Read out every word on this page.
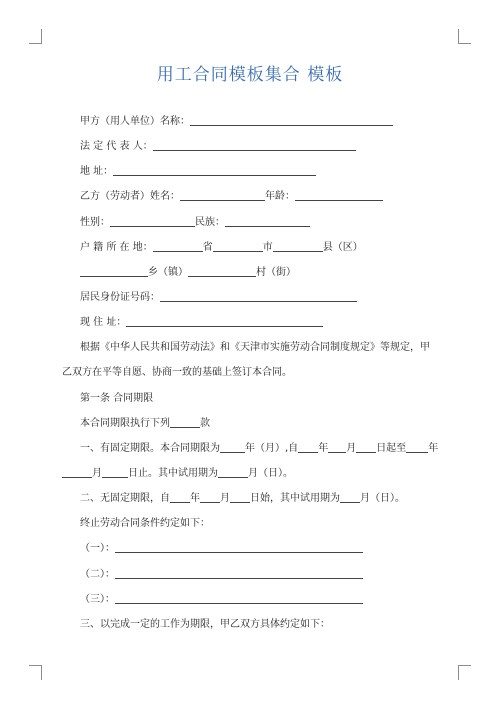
用工合同模板集合 模板
甲方（用人单位）名称：
法 定 代 表 人：
地 址：
乙方（劳动者）姓名：	年龄：
性别：	民族：
户 籍 所 在 地：	省	市	县（区）
乡（镇）	村（街）
居民身份证号码：
现 住 址：
根据《中华人民共和国劳动法》和《天津市实施劳动合同制度规定》等规定，甲
乙双方在平等自愿、协商一致的基础上签订本合同。
第一条 合同期限
本合同期限执行下列	款
一、有固定期限。本合同期限为	年（月）,自 年 月 日起至 年
月	日止。其中试用期为	月（日）。
二、无固定期限，自 年 月 日始，其中试用期为 月（日）。
终止劳动合同条件约定如下：
（一）：
（二）：
（三）：
三、以完成一定的工作为期限，甲乙双方具体约定如下：
